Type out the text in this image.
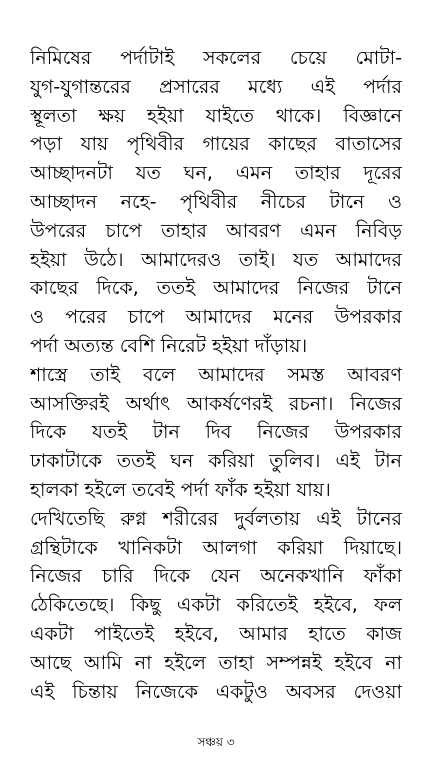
নিমিষের পর্দাটাই সকলের চেয়ে মোটা-
যুগ-যুগান্তরের প্রসারের মধ্যে এই পর্দার
স্থূলতা ক্ষয় হইয়া যাইতে থাকে। বিজ্ঞানে
পড়া যায় পৃথিবীর গায়ের কাছের বাতাসের
আচ্ছাদনটা যত ঘন, এমন তাহার দূরের
আচ্ছাদন নহে- পৃথিবীর নীচের টানে ও
উপরের চাপে তাহার আবরণ এমন নিবিড়
হইয়া উঠে। আমাদেরও তাই। যত আমাদের
কাছের দিকে, ততই আমাদের নিজের টানে
ও পরের চাপে আমাদের মনের উপরকার
পর্দা অত্যন্ত বেশি নিরেট হইয়া দাঁড়ায়।
শাস্ত্রে তাই বলে আমাদের সমস্ত আবরণ
আসক্তিরই অর্থাৎ আকর্ষণেরই রচনা। নিজের
দিকে যতই টান দিব নিজের উপরকার
ঢাকাটাকে ততই ঘন করিয়া তুলিব। এই টান
হালকা হইলে তবেই পর্দা ফাঁক হইয়া যায়।
দেখিতেছি রুগ্ন শরীরের দুর্বলতায় এই টানের
গ্রন্থিটাকে খানিকটা আলগা করিয়া দিয়াছে।
নিজের চারি দিকে যেন অনেকখানি ফাঁকা
ঠেকিতেছে। কিছু একটা করিতেই হইবে, ফল
একটা পাইতেই হইবে, আমার হাতে কাজ
আছে আমি না হইলে তাহা সম্পন্নই হইবে না
এই চিন্তায় নিজেকে একটুও অবসর দেওয়া
সঞ্চয় ৩
